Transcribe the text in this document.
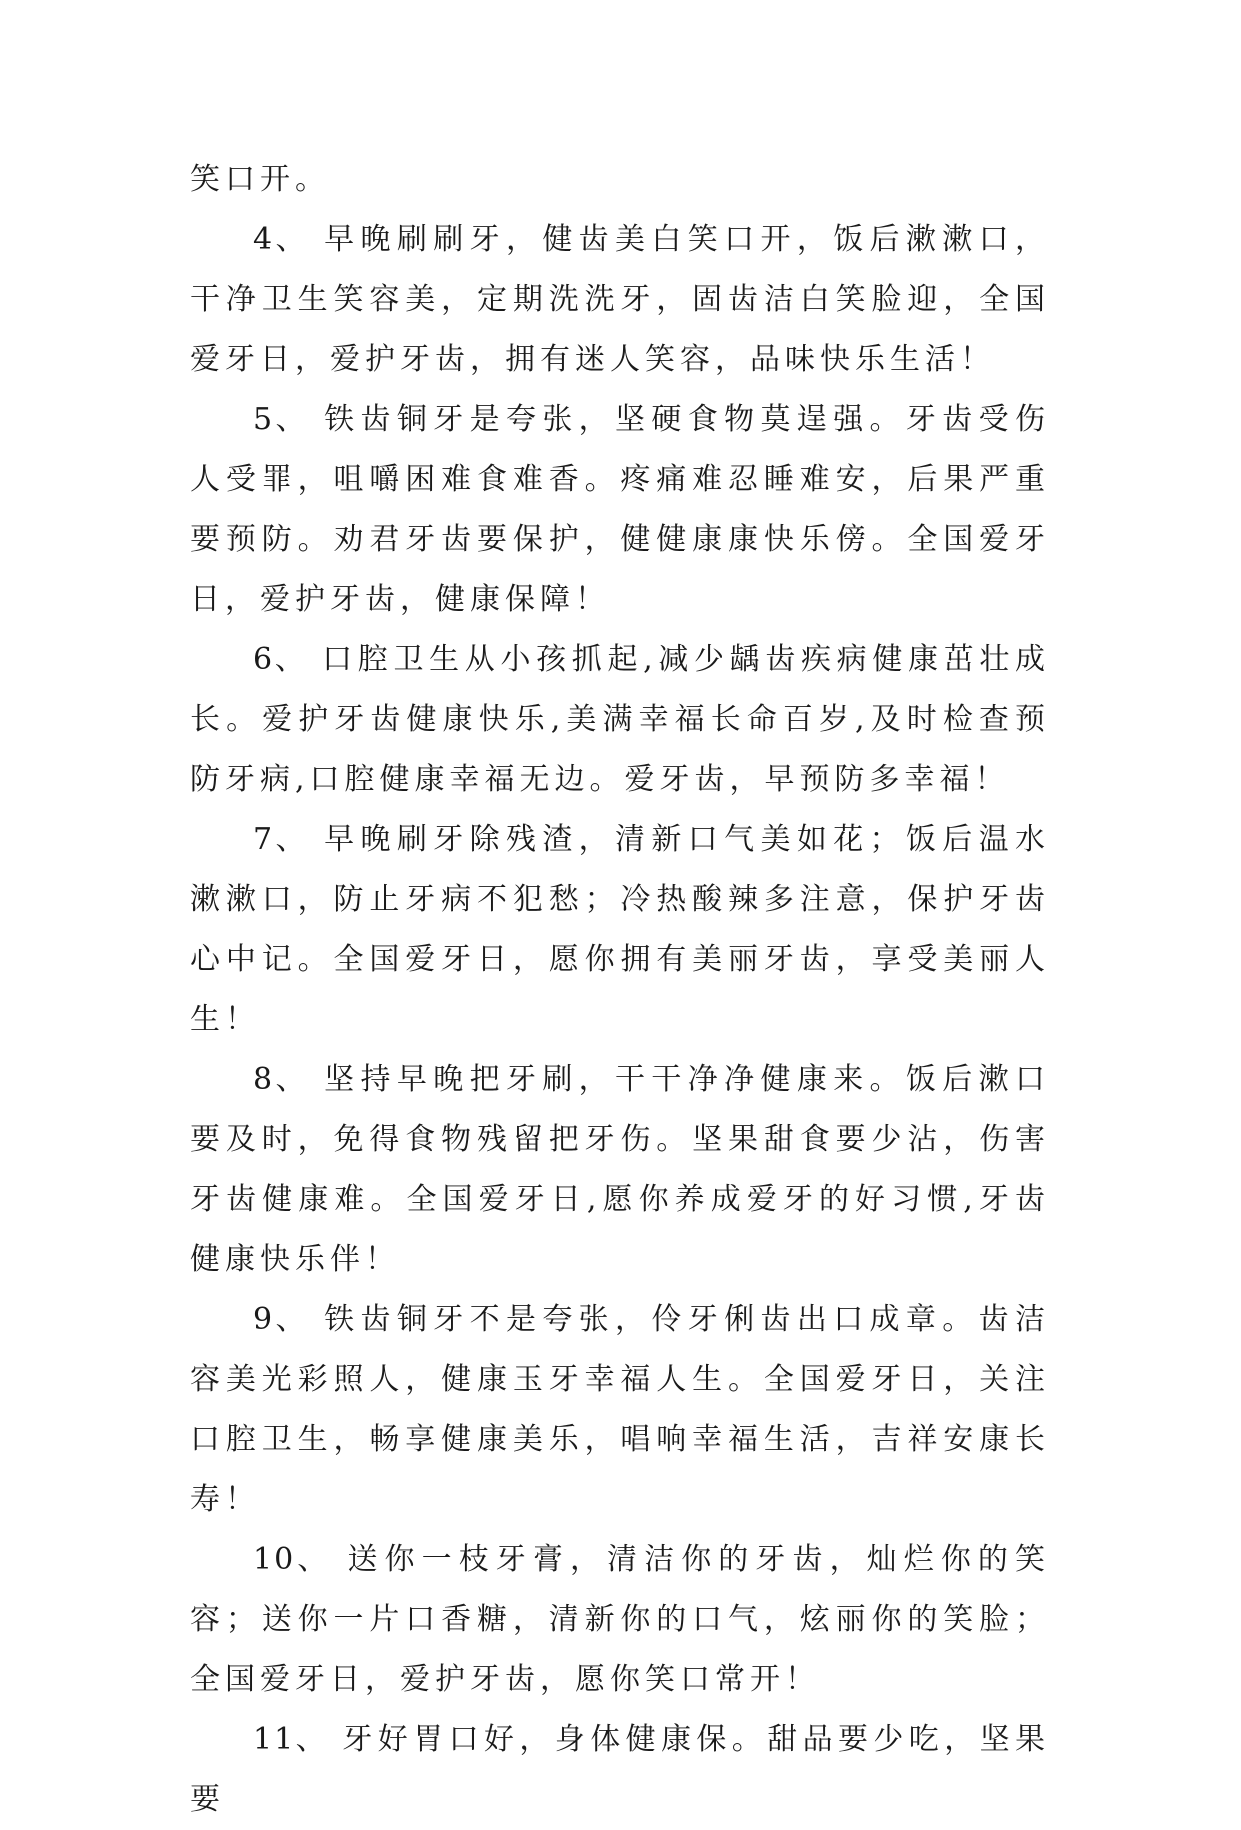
笑口开。

4、 早晚刷刷牙，健齿美白笑口开，饭后漱漱口，干净卫生笑容美，定期洗洗牙，固齿洁白笑脸迎，全国爱牙日，爱护牙齿，拥有迷人笑容，品味快乐生活！

5、 铁齿铜牙是夸张，坚硬食物莫逞强。牙齿受伤人受罪，咀嚼困难食难香。疼痛难忍睡难安，后果严重要预防。劝君牙齿要保护，健健康康快乐傍。全国爱牙日，爱护牙齿，健康保障！

6、 口腔卫生从小孩抓起,减少龋齿疾病健康茁壮成长。爱护牙齿健康快乐,美满幸福长命百岁,及时检查预防牙病,口腔健康幸福无边。爱牙齿，早预防多幸福！

7、 早晚刷牙除残渣，清新口气美如花；饭后温水漱漱口，防止牙病不犯愁；冷热酸辣多注意，保护牙齿心中记。全国爱牙日，愿你拥有美丽牙齿，享受美丽人生！

8、 坚持早晚把牙刷，干干净净健康来。饭后漱口要及时，免得食物残留把牙伤。坚果甜食要少沾，伤害牙齿健康难。全国爱牙日,愿你养成爱牙的好习惯,牙齿健康快乐伴！

9、 铁齿铜牙不是夸张，伶牙俐齿出口成章。齿洁容美光彩照人，健康玉牙幸福人生。全国爱牙日，关注口腔卫生，畅享健康美乐，唱响幸福生活，吉祥安康长寿！

10、 送你一枝牙膏，清洁你的牙齿，灿烂你的笑容；送你一片口香糖，清新你的口气，炫丽你的笑脸；全国爱牙日，爱护牙齿，愿你笑口常开！

11、 牙好胃口好，身体健康保。甜品要少吃，坚果要
